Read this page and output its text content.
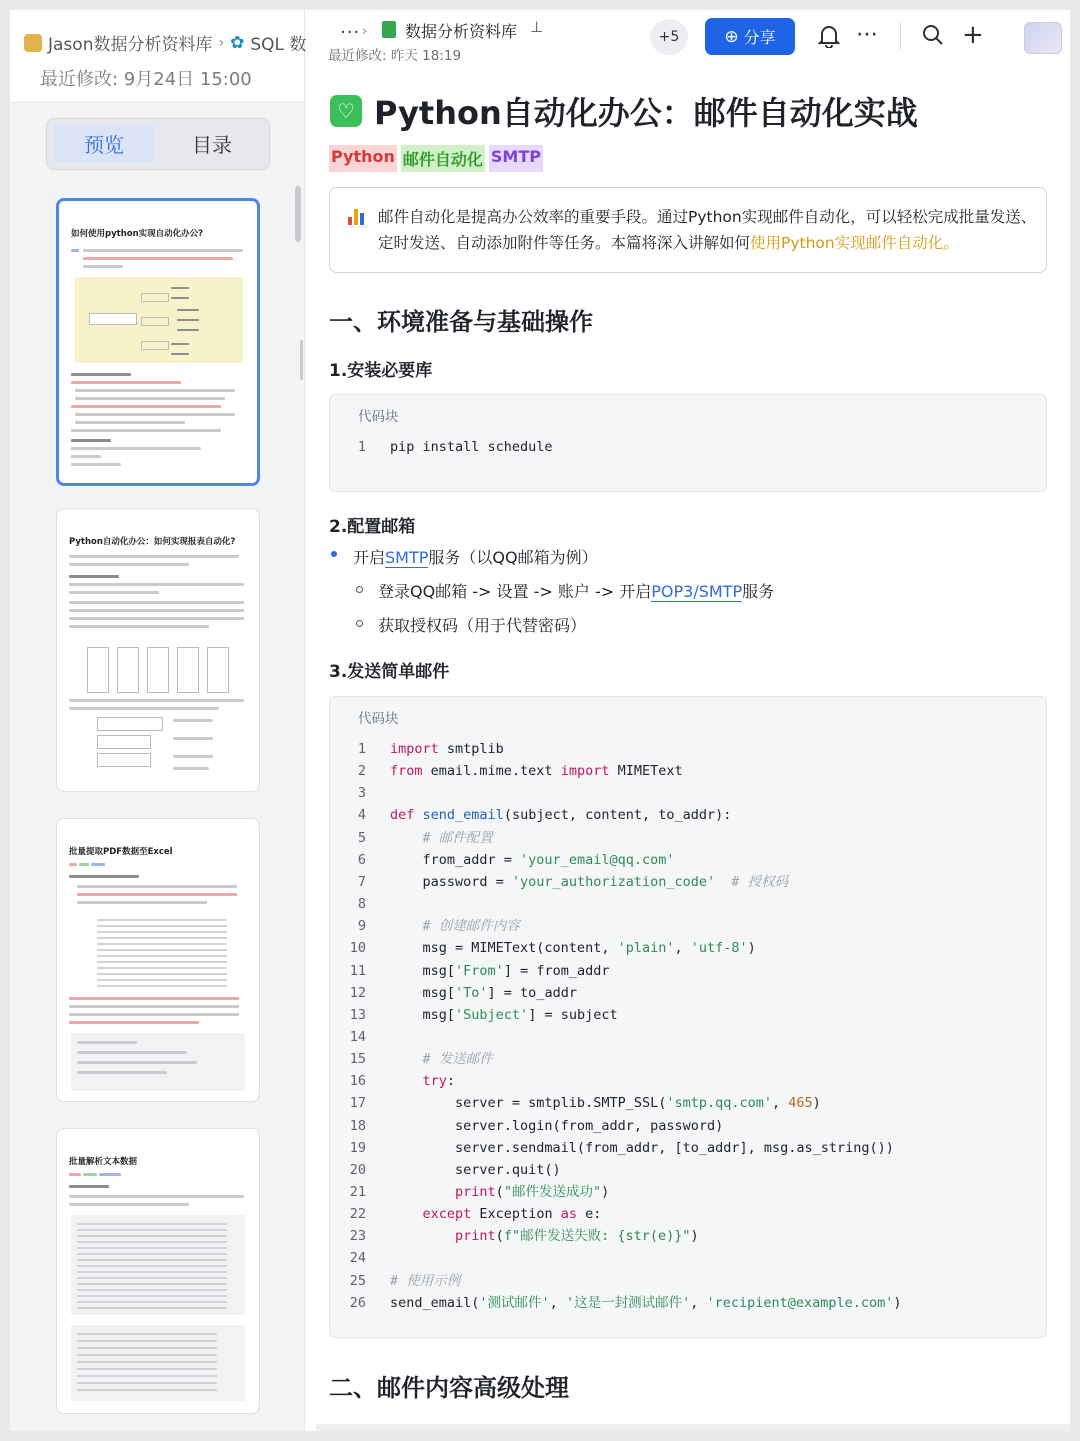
Jason数据分析资料库 › ✿ SQL 数
最近修改: 9月24日 15:00
预览	目录
如何使用python实现自动化办公?
Python自动化办公：如何实现报表自动化?
批量提取PDF数据至Excel
批量解析文本数据
··· › 数据分析资料库 ⊥
最近修改: 昨天 18:19
+5	⊕ 分享	⋯	+
♡ Python自动化办公：邮件自动化实战
Python 邮件自动化 SMTP
邮件自动化是提高办公效率的重要手段。通过Python实现邮件自动化，可以轻松完成批量发送、定时发送、自动添加附件等任务。本篇将深入讲解如何使用Python实现邮件自动化。
一、环境准备与基础操作
1.安装必要库
代码块
1 pip install schedule
2.配置邮箱
开启SMTP服务（以QQ邮箱为例）
登录QQ邮箱 -> 设置 -> 账户 -> 开启POP3/SMTP服务
获取授权码（用于代替密码）
3.发送简单邮件
代码块
1 import smtplib
2 from email.mime.text import MIMEText
3
4 def send_email(subject, content, to_addr):
5	# 邮件配置
6    from_addr = 'your_email@qq.com'
7    password = 'your_authorization_code' # 授权码
8
9	# 创建邮件内容
10    msg = MIMEText(content, 'plain', 'utf-8')
11    msg['From'] = from_addr
12    msg['To'] = to_addr
13    msg['Subject'] = subject
14
15	# 发送邮件
16	try:
17        server = smtplib.SMTP_SSL('smtp.qq.com', 465)
18        server.login(from_addr, password)
19        server.sendmail(from_addr, [to_addr], msg.as_string())
20        server.quit()
21	print("邮件发送成功")
22	except Exception as e:
23	print(f"邮件发送失败: {str(e)}")
24
25 # 使用示例
26 send_email('测试邮件', '这是一封测试邮件', 'recipient@example.com')
二、邮件内容高级处理
